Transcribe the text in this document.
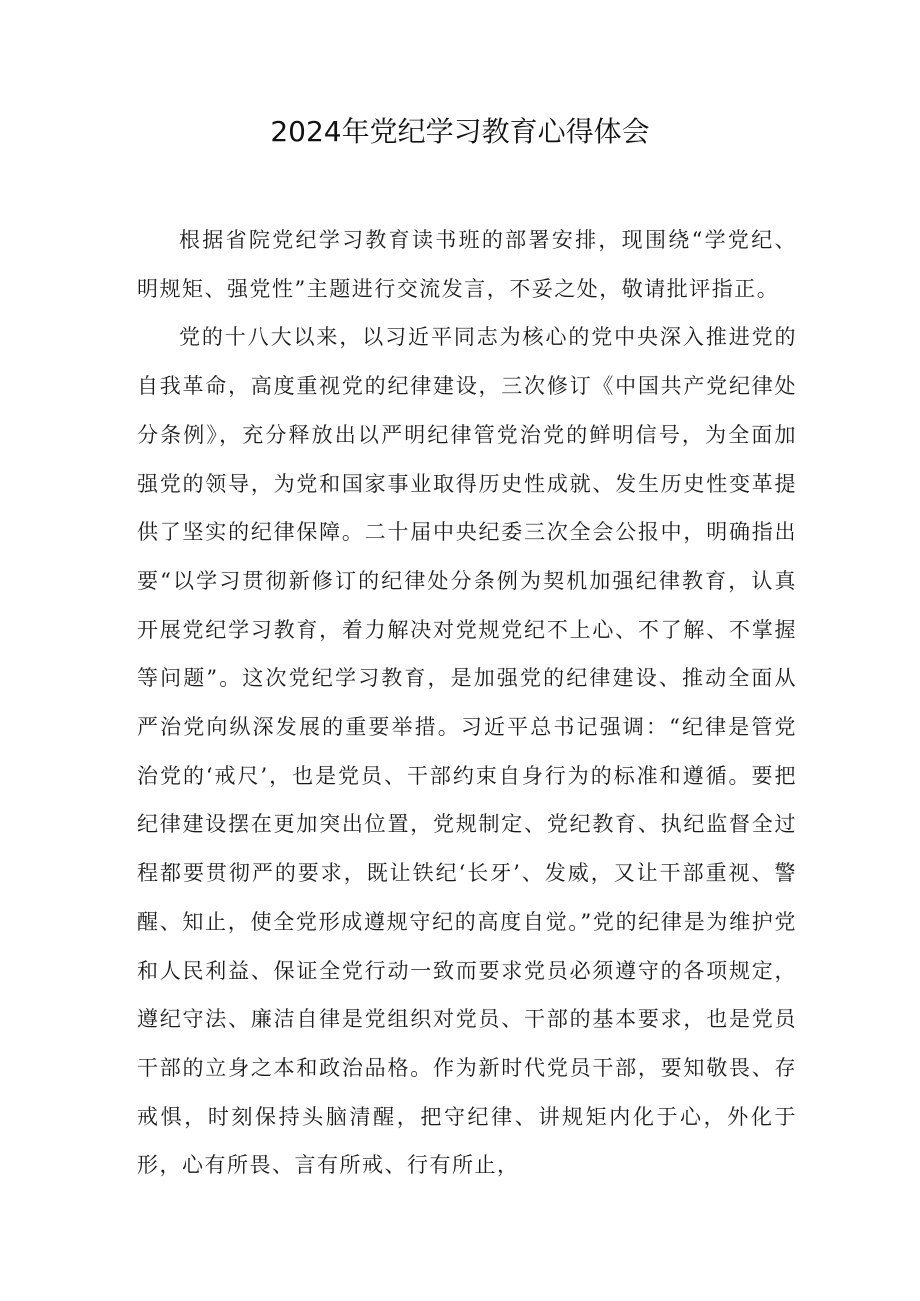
2024年党纪学习教育心得体会

根据省院党纪学习教育读书班的部署安排，现围绕“学党纪、明规矩、强党性”主题进行交流发言，不妥之处，敬请批评指正。

党的十八大以来，以习近平同志为核心的党中央深入推进党的自我革命，高度重视党的纪律建设，三次修订《中国共产党纪律处分条例》，充分释放出以严明纪律管党治党的鲜明信号，为全面加强党的领导，为党和国家事业取得历史性成就、发生历史性变革提供了坚实的纪律保障。二十届中央纪委三次全会公报中，明确指出要“以学习贯彻新修订的纪律处分条例为契机加强纪律教育，认真开展党纪学习教育，着力解决对党规党纪不上心、不了解、不掌握等问题”。这次党纪学习教育，是加强党的纪律建设、推动全面从严治党向纵深发展的重要举措。习近平总书记强调：“纪律是管党治党的‘戒尺’，也是党员、干部约束自身行为的标准和遵循。要把纪律建设摆在更加突出位置，党规制定、党纪教育、执纪监督全过程都要贯彻严的要求，既让铁纪‘长牙’、发威，又让干部重视、警醒、知止，使全党形成遵规守纪的高度自觉。”党的纪律是为维护党和人民利益、保证全党行动一致而要求党员必须遵守的各项规定，遵纪守法、廉洁自律是党组织对党员、干部的基本要求，也是党员干部的立身之本和政治品格。作为新时代党员干部，要知敬畏、存戒惧，时刻保持头脑清醒，把守纪律、讲规矩内化于心，外化于形，心有所畏、言有所戒、行有所止，
